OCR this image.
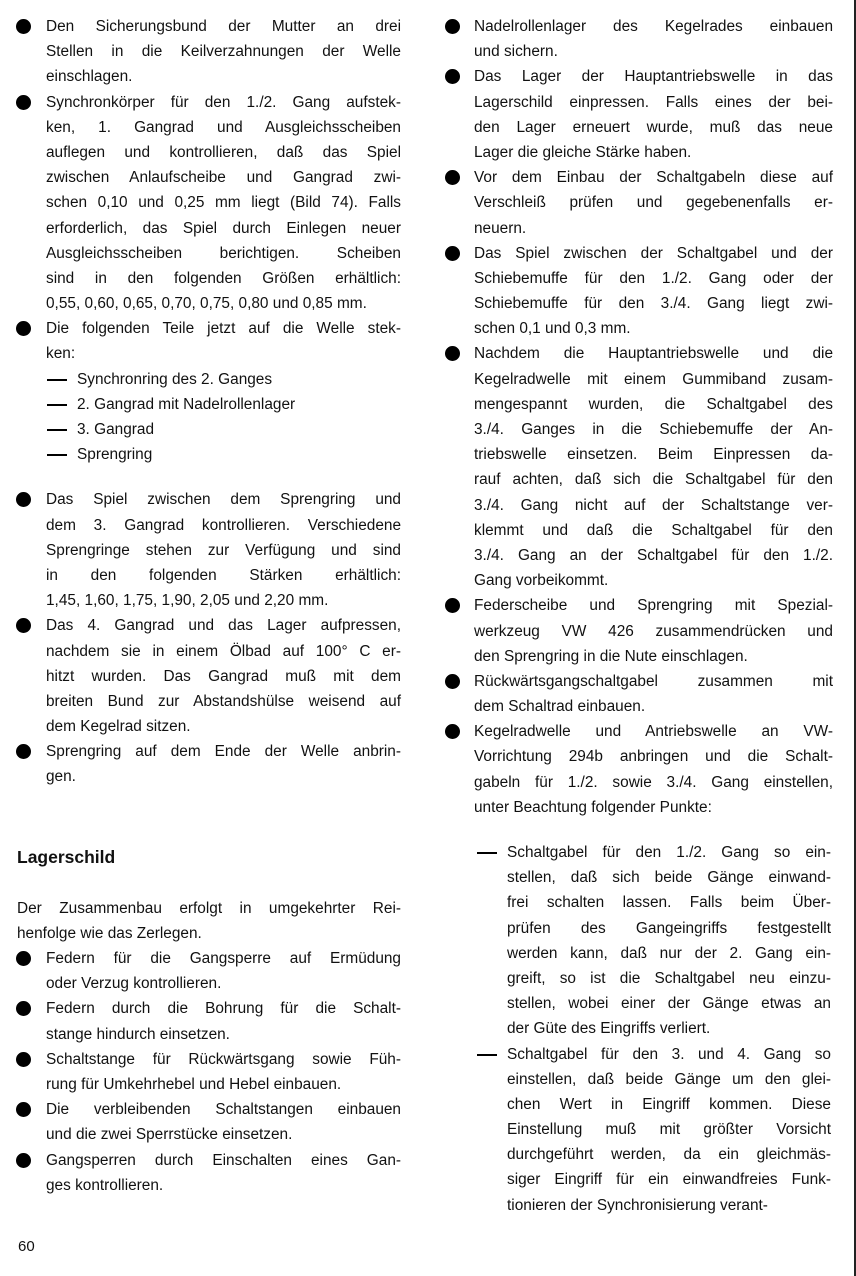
Den Sicherungsbund der Mutter an drei
Stellen in die Keilverzahnungen der Welle
einschlagen.
Synchronkörper für den 1./2. Gang aufstek-
ken, 1. Gangrad und Ausgleichsscheiben
auflegen und kontrollieren, daß das Spiel
zwischen Anlaufscheibe und Gangrad zwi-
schen 0,10 und 0,25 mm liegt (Bild 74). Falls
erforderlich, das Spiel durch Einlegen neuer
Ausgleichsscheiben berichtigen. Scheiben
sind in den folgenden Größen erhältlich:
0,55, 0,60, 0,65, 0,70, 0,75, 0,80 und 0,85 mm.
Die folgenden Teile jetzt auf die Welle stek-
ken:
Synchronring des 2. Ganges
2. Gangrad mit Nadelrollenlager
3. Gangrad
Sprengring
Das Spiel zwischen dem Sprengring und
dem 3. Gangrad kontrollieren. Verschiedene
Sprengringe stehen zur Verfügung und sind
in den folgenden Stärken erhältlich:
1,45, 1,60, 1,75, 1,90, 2,05 und 2,20 mm.
Das 4. Gangrad und das Lager aufpressen,
nachdem sie in einem Ölbad auf 100° C er-
hitzt wurden. Das Gangrad muß mit dem
breiten Bund zur Abstandshülse weisend auf
dem Kegelrad sitzen.
Sprengring auf dem Ende der Welle anbrin-
gen.
Lagerschild
Der Zusammenbau erfolgt in umgekehrter Rei-
henfolge wie das Zerlegen.
Federn für die Gangsperre auf Ermüdung
oder Verzug kontrollieren.
Federn durch die Bohrung für die Schalt-
stange hindurch einsetzen.
Schaltstange für Rückwärtsgang sowie Füh-
rung für Umkehrhebel und Hebel einbauen.
Die verbleibenden Schaltstangen einbauen
und die zwei Sperrstücke einsetzen.
Gangsperren durch Einschalten eines Gan-
ges kontrollieren.
Nadelrollenlager des Kegelrades einbauen
und sichern.
Das Lager der Hauptantriebswelle in das
Lagerschild einpressen. Falls eines der bei-
den Lager erneuert wurde, muß das neue
Lager die gleiche Stärke haben.
Vor dem Einbau der Schaltgabeln diese auf
Verschleiß prüfen und gegebenenfalls er-
neuern.
Das Spiel zwischen der Schaltgabel und der
Schiebemuffe für den 1./2. Gang oder der
Schiebemuffe für den 3./4. Gang liegt zwi-
schen 0,1 und 0,3 mm.
Nachdem die Hauptantriebswelle und die
Kegelradwelle mit einem Gummiband zusam-
mengespannt wurden, die Schaltgabel des
3./4. Ganges in die Schiebemuffe der An-
triebswelle einsetzen. Beim Einpressen da-
rauf achten, daß sich die Schaltgabel für den
3./4. Gang nicht auf der Schaltstange ver-
klemmt und daß die Schaltgabel für den
3./4. Gang an der Schaltgabel für den 1./2.
Gang vorbeikommt.
Federscheibe und Sprengring mit Spezial-
werkzeug VW 426 zusammendrücken und
den Sprengring in die Nute einschlagen.
Rückwärtsgangschaltgabel zusammen mit
dem Schaltrad einbauen.
Kegelradwelle und Antriebswelle an VW-
Vorrichtung 294b anbringen und die Schalt-
gabeln für 1./2. sowie 3./4. Gang einstellen,
unter Beachtung folgender Punkte:
Schaltgabel für den 1./2. Gang so ein-
stellen, daß sich beide Gänge einwand-
frei schalten lassen. Falls beim Über-
prüfen des Gangeingriffs festgestellt
werden kann, daß nur der 2. Gang ein-
greift, so ist die Schaltgabel neu einzu-
stellen, wobei einer der Gänge etwas an
der Güte des Eingriffs verliert.
Schaltgabel für den 3. und 4. Gang so
einstellen, daß beide Gänge um den glei-
chen Wert in Eingriff kommen. Diese
Einstellung muß mit größter Vorsicht
durchgeführt werden, da ein gleichmäs-
siger Eingriff für ein einwandfreies Funk-
tionieren der Synchronisierung verant-
60
